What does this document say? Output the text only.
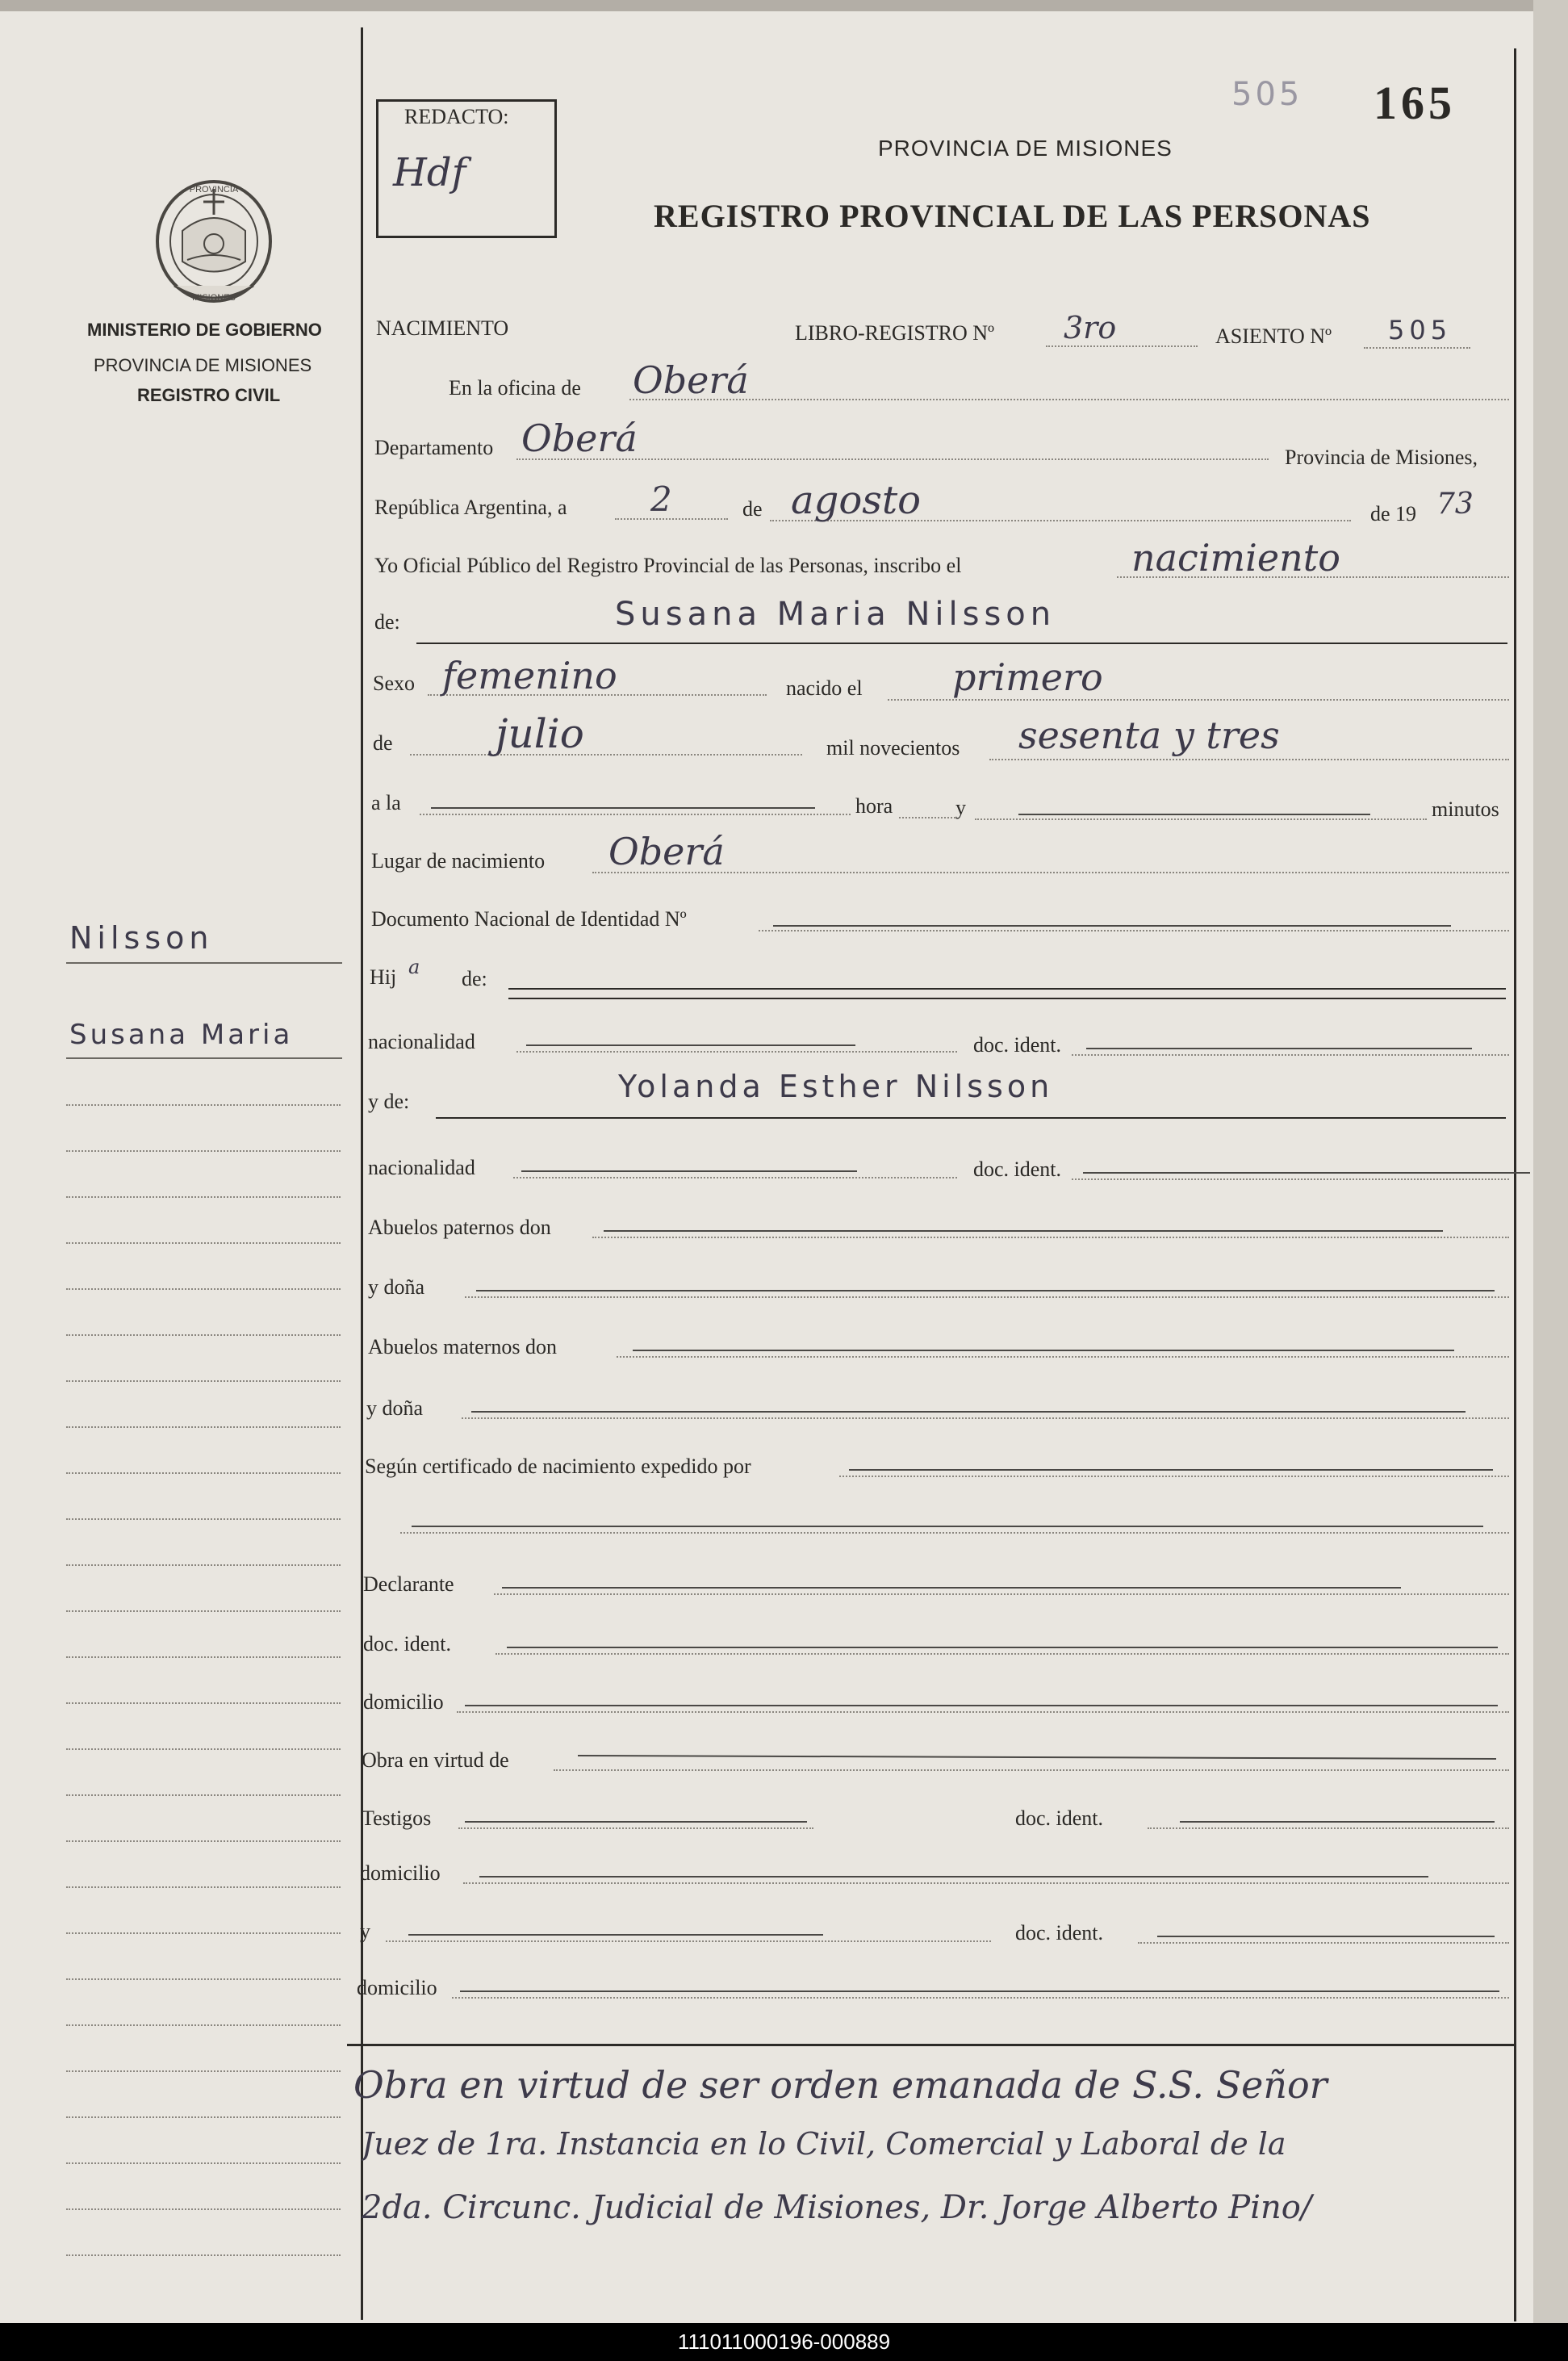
REDACTO:
Hdf
505 165
PROVINCIA DE MISIONES
REGISTRO PROVINCIAL DE LAS PERSONAS
PROVINCIA
MISIONES
MINISTERIO DE GOBIERNO
PROVINCIA DE MISIONES
REGISTRO CIVIL
Nilsson
Susana Maria
NACIMIENTO	LIBRO-REGISTRO Nº 3ro	ASIENTO Nº 505
En la oficina de Oberá
Departamento Oberá	Provincia de Misiones,
República Argentina, a 2	de agosto	de 19 73
Yo Oficial Público del Registro Provincial de las Personas, inscribo el	nacimiento
de:	Susana Maria Nilsson
Sexo femenino	nacido el primero
de	julio	mil novecientos sesenta y tres
a la	hora	y	minutos
Lugar de nacimiento Oberá
Documento Nacional de Identidad Nº
Hij a de:
nacionalidad	doc. ident.
y de:	Yolanda Esther Nilsson
nacionalidad	doc. ident.
Abuelos paternos don
y doña
Abuelos maternos don
y doña
Según certificado de nacimiento expedido por
Declarante
doc. ident.
domicilio
Obra en virtud de
Testigos	doc. ident.
domicilio
y	doc. ident.
domicilio
Obra en virtud de ser orden emanada de S.S. Señor
Juez de 1ra. Instancia en lo Civil, Comercial y Laboral de la
2da. Circunc. Judicial de Misiones, Dr. Jorge Alberto Pino/
111011000196-000889
